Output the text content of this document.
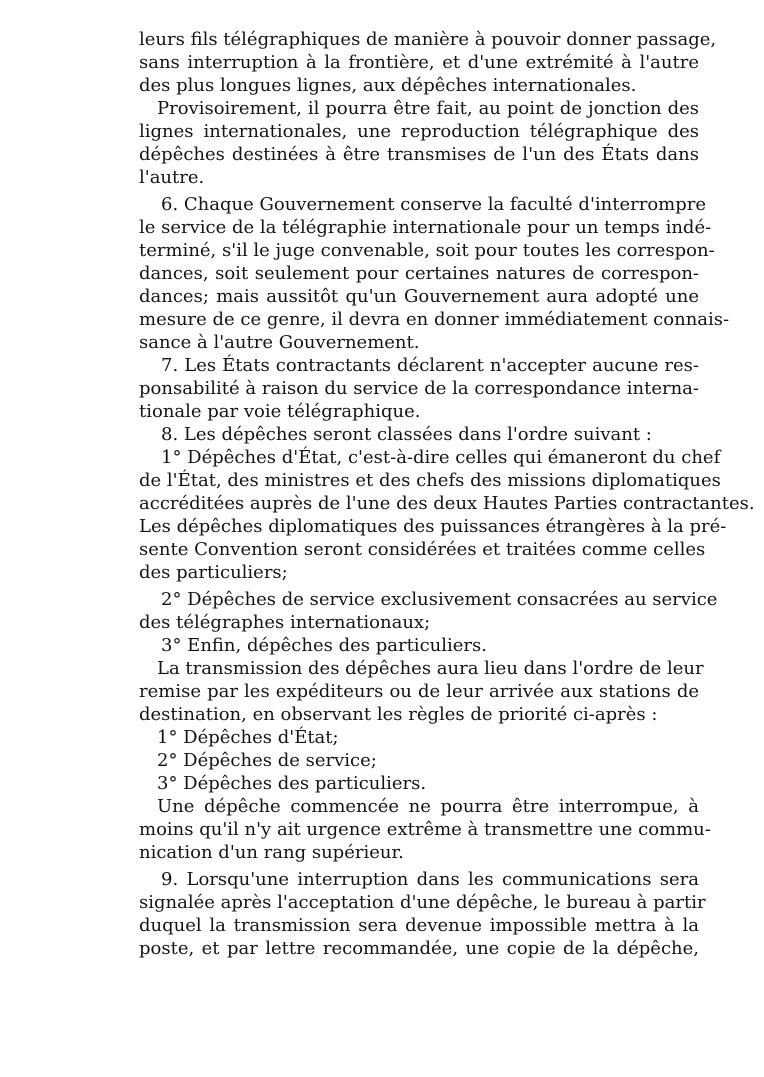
leurs fils télégraphiques de manière à pouvoir donner passage,
sans interruption à la frontière, et d'une extrémité à l'autre
des plus longues lignes, aux dépêches internationales.
Provisoirement, il pourra être fait, au point de jonction des
lignes internationales, une reproduction télégraphique des
dépêches destinées à être transmises de l'un des États dans
l'autre.
6. Chaque Gouvernement conserve la faculté d'interrompre
le service de la télégraphie internationale pour un temps indé-
terminé, s'il le juge convenable, soit pour toutes les correspon-
dances, soit seulement pour certaines natures de correspon-
dances; mais aussitôt qu'un Gouvernement aura adopté une
mesure de ce genre, il devra en donner immédiatement connais-
sance à l'autre Gouvernement.
7. Les États contractants déclarent n'accepter aucune res-
ponsabilité à raison du service de la correspondance interna-
tionale par voie télégraphique.
8. Les dépêches seront classées dans l'ordre suivant :
1° Dépêches d'État, c'est-à-dire celles qui émaneront du chef
de l'État, des ministres et des chefs des missions diplomatiques
accréditées auprès de l'une des deux Hautes Parties contractantes.
Les dépêches diplomatiques des puissances étrangères à la pré-
sente Convention seront considérées et traitées comme celles
des particuliers;
2° Dépêches de service exclusivement consacrées au service
des télégraphes internationaux;
3° Enfin, dépêches des particuliers.
La transmission des dépêches aura lieu dans l'ordre de leur
remise par les expéditeurs ou de leur arrivée aux stations de
destination, en observant les règles de priorité ci-après :
1° Dépêches d'État;
2° Dépêches de service;
3° Dépêches des particuliers.
Une dépêche commencée ne pourra être interrompue, à
moins qu'il n'y ait urgence extrême à transmettre une commu-
nication d'un rang supérieur.
9. Lorsqu'une interruption dans les communications sera
signalée après l'acceptation d'une dépêche, le bureau à partir
duquel la transmission sera devenue impossible mettra à la
poste, et par lettre recommandée, une copie de la dépêche,
